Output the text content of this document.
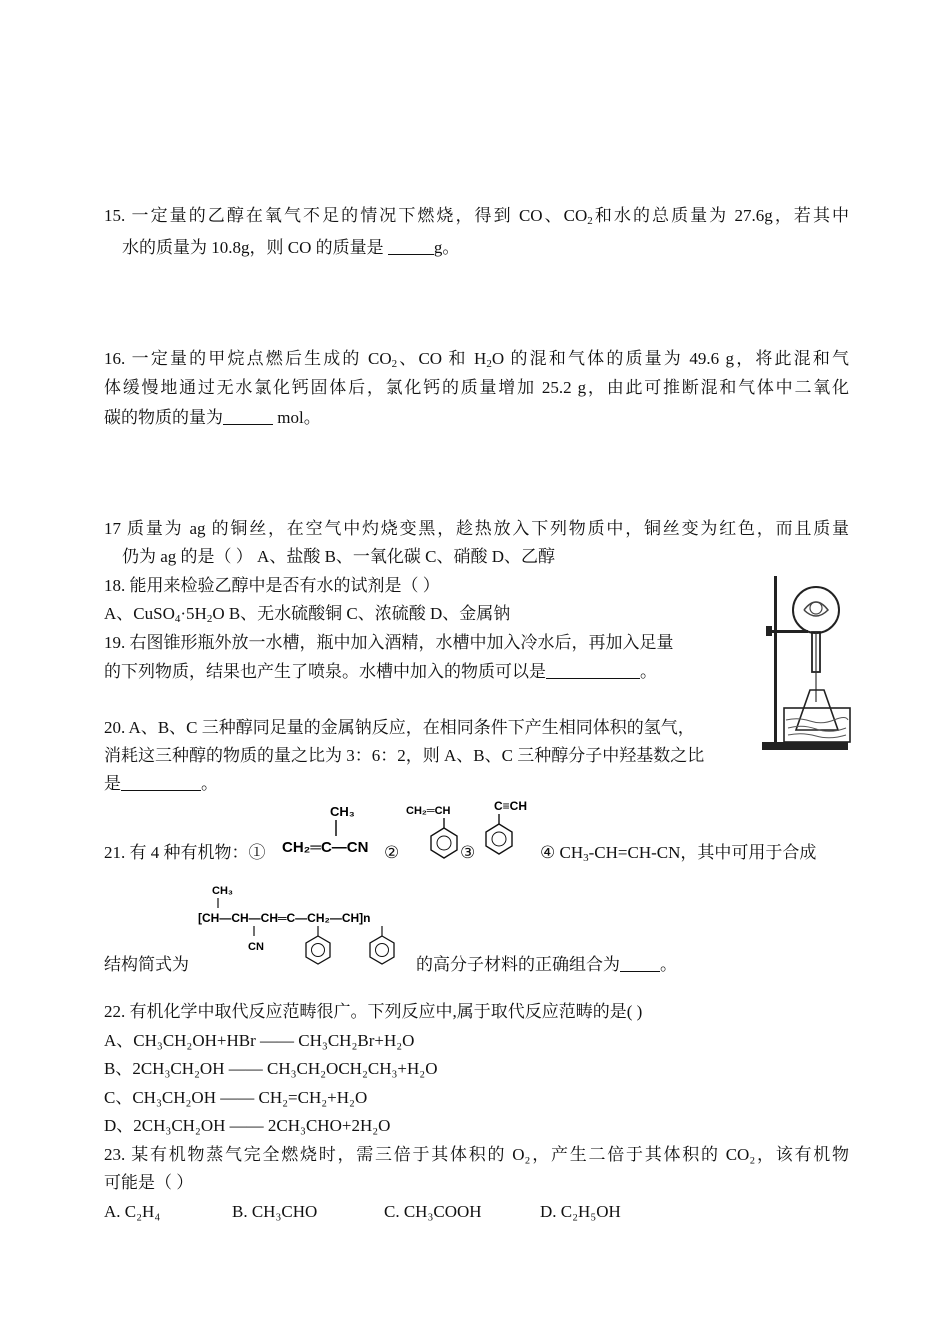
15. 一定量的乙醇在氧气不足的情况下燃烧，得到 CO、$CO_2$和水的总质量为 27.6g，若其中
水的质量为 10.8g，则 CO 的质量是	g。
16. 一定量的甲烷点燃后生成的 $CO_2$、CO 和 $H_2O$ 的混和气体的质量为 49.6 g，将此混和气
体缓慢地通过无水氯化钙固体后，氯化钙的质量增加 25.2 g，由此可推断混和气体中二氧化
碳的物质的量为	mol。
17 质量为 ag 的铜丝，在空气中灼烧变黑，趁热放入下列物质中，铜丝变为红色，而且质量
仍为 ag 的是（ ） A、盐酸 B、一氧化碳 C、硝酸 D、乙醇
18. 能用来检验乙醇中是否有水的试剂是（ ）
A、$CuSO_4\cdot 5H_2O$ B、无水硫酸铜 C、浓硫酸 D、金属钠
19. 右图锥形瓶外放一水槽，瓶中加入酒精，水槽中加入冷水后，再加入足量
的下列物质，结果也产生了喷泉。水槽中加入的物质可以是	。
20. A、B、C 三种醇同足量的金属钠反应，在相同条件下产生相同体积的氢气，
消耗这三种醇的物质的量之比为 3：6：2，则 A、B、C 三种醇分子中羟基数之比
是	。
CH₃
CH₂═C—CN
CH₂═CH	C≡CH
21. 有 4 种有机物：①	②	③	④ $CH_3-CH=CH-CN$，其中可用于合成
CH₃
[CH—CH—CH═C—CH₂—CH]n
CN
结构简式为	的高分子材料的正确组合为 。
22. 有机化学中取代反应范畴很广。下列反应中,属于取代反应范畴的是( )
A、CH₃CH₂OH+HBr —— CH₃CH₂Br+H₂O
B、2CH₃CH₂OH —— CH₃CH₂OCH₂CH₃+H₂O
C、CH₃CH₂OH —— CH₂=CH₂+H₂O
D、2CH₃CH₂OH —— 2CH₃CHO+2H₂O
23. 某有机物蒸气完全燃烧时，需三倍于其体积的 O₂，产生二倍于其体积的 CO₂，该有机物
可能是（ ）
A. C₂H₄	B. CH₃CHO	C. CH₃COOH	D. C₂H₅OH
